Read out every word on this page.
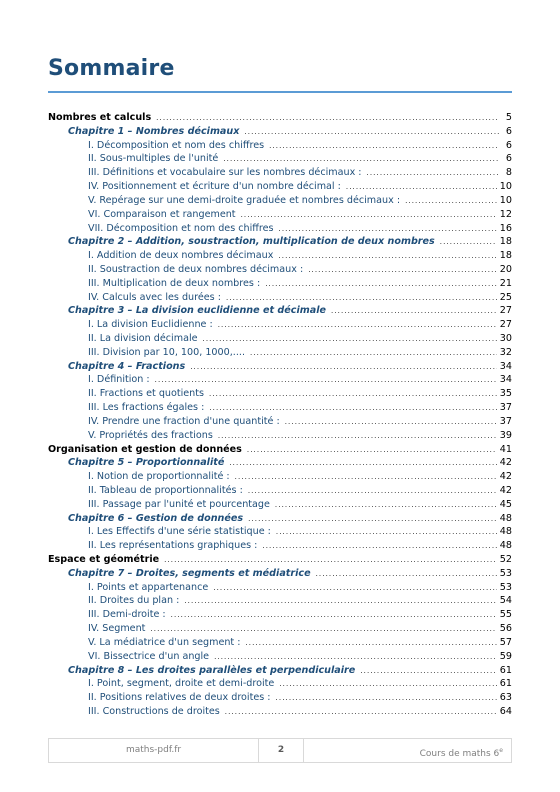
Sommaire
Nombres et calculs .....	5
Chapitre 1 – Nombres décimaux .....	6
I. Décomposition et nom des chiffres .....	6
II. Sous-multiples de l'unité .....	6
III. Définitions et vocabulaire sur les nombres décimaux : .....	8
IV. Positionnement et écriture d'un nombre décimal : .....	10
V. Repérage sur une demi-droite graduée et nombres décimaux : .....	10
VI. Comparaison et rangement .....	12
VII. Décomposition et nom des chiffres .....	16
Chapitre 2 – Addition, soustraction, multiplication de deux nombres .....	18
I. Addition de deux nombres décimaux .....	18
II. Soustraction de deux nombres décimaux : .....	20
III. Multiplication de deux nombres : .....	21
IV. Calculs avec les durées : .....	25
Chapitre 3 – La division euclidienne et décimale .....	27
I. La division Euclidienne : .....	27
II. La division décimale .....	30
III. Division par 10, 100, 1000,.... .....	32
Chapitre 4 – Fractions .....	34
I. Définition : .....	34
II. Fractions et quotients .....	35
III. Les fractions égales : .....	37
IV. Prendre une fraction d'une quantité : .....	37
V. Propriétés des fractions .....	39
Organisation et gestion de données .....	41
Chapitre 5 – Proportionnalité .....	42
I. Notion de proportionnalité : .....	42
II. Tableau de proportionnalités : .....	42
III. Passage par l'unité et pourcentage .....	45
Chapitre 6 – Gestion de données .....	48
I. Les Effectifs d'une série statistique : .....	48
II. Les représentations graphiques : .....	48
Espace et géométrie .....	52
Chapitre 7 – Droites, segments et médiatrice .....	53
I. Points et appartenance .....	53
II. Droites du plan : .....	54
III. Demi-droite : .....	55
IV. Segment .....	56
V. La médiatrice d'un segment : .....	57
VI. Bissectrice d'un angle .....	59
Chapitre 8 – Les droites parallèles et perpendiculaire .....	61
I. Point, segment, droite et demi-droite .....	61
II. Positions relatives de deux droites : .....	63
III. Constructions de droites .....	64
maths-pdf.fr	2	Cours de maths 6e
